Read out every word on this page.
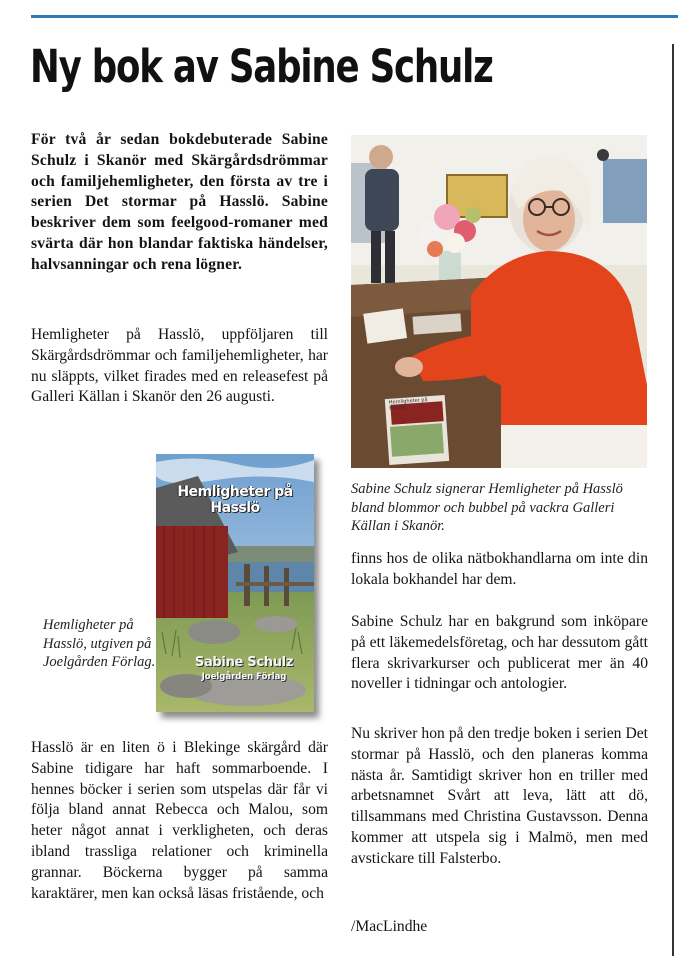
Ny bok av Sabine Schulz

För två år sedan bokdebuterade Sabine Schulz i Skanör med Skärgårdsdrömmar och familjehemligheter, den första av tre i serien Det stormar på Hasslö. Sabine beskriver dem som feelgood-romaner med svärta där hon blandar faktiska händelser, halvsanningar och rena lögner.

Hemligheter på Hasslö, uppföljaren till Skärgårdsdrömmar och familjehemligheter, har nu släppts, vilket firades med en releasefest på Galleri Källan i Skanör den 26 augusti.

Hemligheter på Hasslö
Sabine Schulz
Joelgården Förlag

Hemligheter på Hasslö, utgiven på Joelgården Förlag.

Hasslö är en liten ö i Blekinge skärgård där Sabine tidigare har haft sommarboende. I hennes böcker i serien som utspelas där får vi följa bland annat Rebecca och Malou, som heter något annat i verkligheten, och deras ibland trassliga relationer och kriminella grannar. Böckerna bygger på samma karaktärer, men kan också läsas fristående, och

Sabine Schulz signerar Hemligheter på Hasslö bland blommor och bubbel på vackra Galleri Källan i Skanör.

finns hos de olika nätbokhandlarna om inte din lokala bokhandel har dem.

Sabine Schulz har en bakgrund som inköpare på ett läkemedelsföretag, och har dessutom gått flera skrivarkurser och publicerat mer än 40 noveller i tidningar och antologier.

Nu skriver hon på den tredje boken i serien Det stormar på Hasslö, och den planeras komma nästa år. Samtidigt skriver hon en triller med arbetsnamnet Svårt att leva, lätt att dö, tillsammans med Christina Gustavsson. Denna kommer att utspela sig i Malmö, men med avstickare till Falsterbo.

/MacLindhe

Hemligheter på Hasslö
